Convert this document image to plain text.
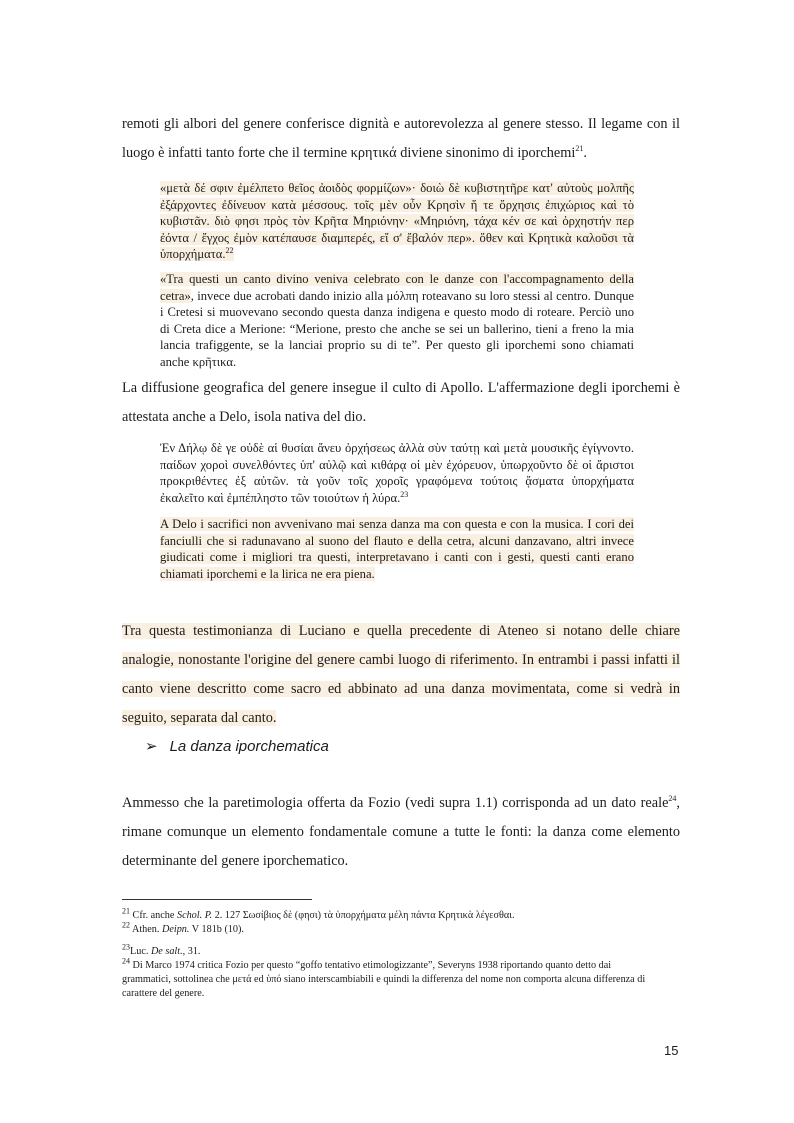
remoti gli albori del genere conferisce dignità e autorevolezza al genere stesso. Il legame con il luogo è infatti tanto forte che il termine κρητικά diviene sinonimo di iporchemi$^{21}$.

«μετὰ δέ σφιν ἐμέλπετο θεῖος ἀοιδὸς φορμίζων»· δοιὼ δὲ κυβιστητῆρε κατ' αὐτοὺς μολπῆς ἐξάρχοντες ἐδίνευον κατὰ μέσσους. τοῖς μὲν οὖν Κρησὶν ἥ τε ὄρχησις ἐπιχώριος καὶ τὸ κυβιστᾶν. διὸ φησι πρὸς τὸν Κρῆτα Μηριόνην· «Μηριόνη, τάχα κέν σε καὶ ὀρχηστήν περ ἐόντα / ἔγχος ἐμὸν κατέπαυσε διαμπερές, εἴ σ' ἔβαλόν περ». ὅθεν καὶ Κρητικὰ καλοῦσι τὰ ὑπορχήματα.$^{22}$

«Tra questi un canto divino veniva celebrato con le danze con l'accompagnamento della cetra», invece due acrobati dando inizio alla μόλπη roteavano su loro stessi al centro. Dunque i Cretesi si muovevano secondo questa danza indigena e questo modo di roteare. Perciò uno di Creta dice a Merione: “Merione, presto che anche se sei un ballerino, tieni a freno la mia lancia trafiggente, se la lanciai proprio su di te”. Per questo gli iporchemi sono chiamati anche κρῆτικα.

La diffusione geografica del genere insegue il culto di Apollo. L'affermazione degli iporchemi è attestata anche a Delo, isola nativa del dio.

Ἐν Δήλῳ δὲ γε οὐδὲ αἱ θυσίαι ἄνευ ὀρχήσεως ἀλλὰ σὺν ταύτῃ καὶ μετὰ μουσικῆς ἐγίγνοντο. παίδων χοροὶ συνελθόντες ὑπ' αὐλῷ καὶ κιθάρᾳ οἱ μὲν ἐχόρευον, ὑπωρχοῦντο δὲ οἱ ἄριστοι προκριθέντες ἐξ αὐτῶν. τὰ γοῦν τοῖς χοροῖς γραφόμενα τούτοις ᾄσματα ὑπορχήματα ἐκαλεῖτο καὶ ἐμπέπληστο τῶν τοιούτων ἡ λύρα.$^{23}$

A Delo i sacrifici non avvenivano mai senza danza ma con questa e con la musica. I cori dei fanciulli che si radunavano al suono del flauto e della cetra, alcuni danzavano, altri invece giudicati come i migliori tra questi, interpretavano i canti con i gesti, questi canti erano chiamati iporchemi e la lirica ne era piena.

Tra questa testimonianza di Luciano e quella precedente di Ateneo si notano delle chiare analogie, nonostante l'origine del genere cambi luogo di riferimento. In entrambi i passi infatti il canto viene descritto come sacro ed abbinato ad una danza movimentata, come si vedrà in seguito, separata dal canto.

➢ La danza iporchematica

Ammesso che la paretimologia offerta da Fozio (vedi supra 1.1) corrisponda ad un dato reale$^{24}$, rimane comunque un elemento fondamentale comune a tutte le fonti: la danza come elemento determinante del genere iporchematico.

$^{21}$ Cfr. anche Schol. P. 2. 127 Σωσίβιος δὲ (φησι) τὰ ὑπορχήματα μέλη πάντα Κρητικὰ λέγεσθαι.

$^{22}$ Athen. Deipn. V 181b (10).

$^{23}$Luc. De salt., 31.

$^{24}$ Di Marco 1974 critica Fozio per questo “goffo tentativo etimologizzante”, Severyns 1938 riportando quanto detto dai grammatici, sottolinea che μετά ed ὑπό siano interscambiabili e quindi la differenza del nome non comporta alcuna differenza di carattere del genere.

15
